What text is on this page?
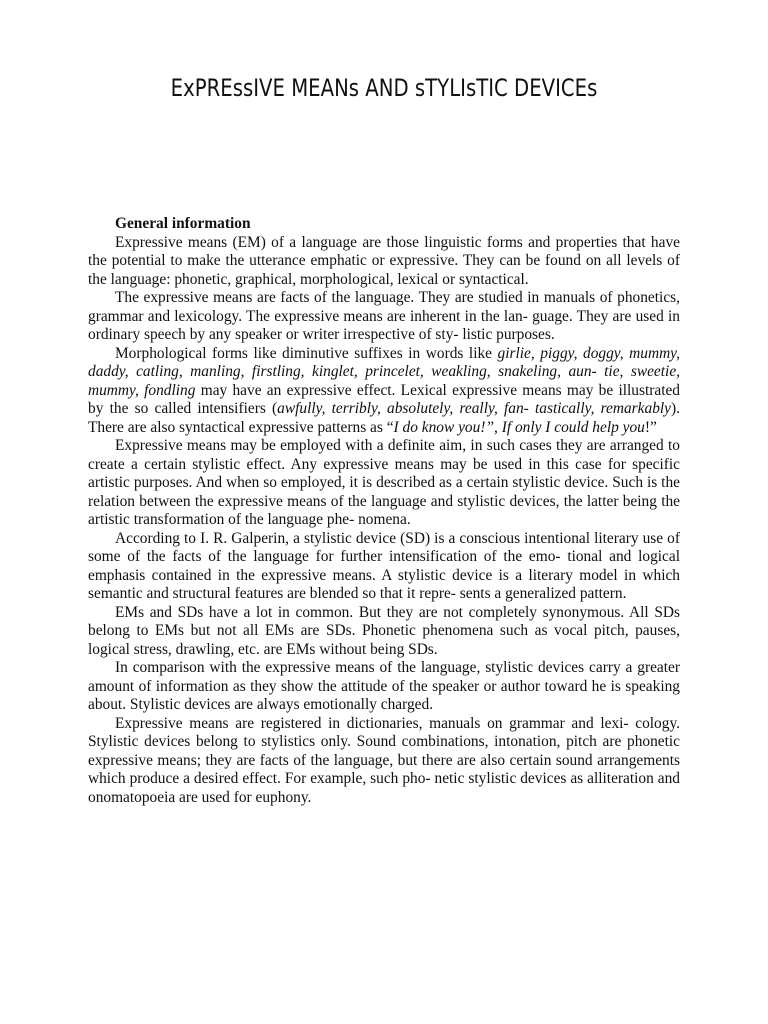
ExPREssIVE MEANs AND sTYLIsTIC DEVICEs

General information

Expressive means (EM) of a language are those linguistic forms and properties that have the potential to make the utterance emphatic or expressive. They can be found on all levels of the language: phonetic, graphical, morphological, lexical or syntactical.

The expressive means are facts of the language. They are studied in manuals of phonetics, grammar and lexicology. The expressive means are inherent in the lan- guage. They are used in ordinary speech by any speaker or writer irrespective of sty- listic purposes.

Morphological forms like diminutive suffixes in words like girlie, piggy, doggy, mummy, daddy, catling, manling, firstling, kinglet, princelet, weakling, snakeling, aun- tie, sweetie, mummy, fondling may have an expressive effect. Lexical expressive means may be illustrated by the so called intensifiers (awfully, terribly, absolutely, really, fan- tastically, remarkably). There are also syntactical expressive patterns as “I do know you!”, If only I could help you!”

Expressive means may be employed with a definite aim, in such cases they are arranged to create a certain stylistic effect. Any expressive means may be used in this case for specific artistic purposes. And when so employed, it is described as a certain stylistic device. Such is the relation between the expressive means of the language and stylistic devices, the latter being the artistic transformation of the language phe- nomena.

According to I. R. Galperin, a stylistic device (SD) is a conscious intentional literary use of some of the facts of the language for further intensification of the emo- tional and logical emphasis contained in the expressive means. A stylistic device is a literary model in which semantic and structural features are blended so that it repre- sents a generalized pattern.

EMs and SDs have a lot in common. But they are not completely synonymous. All SDs belong to EMs but not all EMs are SDs. Phonetic phenomena such as vocal pitch, pauses, logical stress, drawling, etc. are EMs without being SDs.

In comparison with the expressive means of the language, stylistic devices carry a greater amount of information as they show the attitude of the speaker or author toward he is speaking about. Stylistic devices are always emotionally charged.

Expressive means are registered in dictionaries, manuals on grammar and lexi- cology. Stylistic devices belong to stylistics only. Sound combinations, intonation, pitch are phonetic expressive means; they are facts of the language, but there are also certain sound arrangements which produce a desired effect. For example, such pho- netic stylistic devices as alliteration and onomatopoeia are used for euphony.
